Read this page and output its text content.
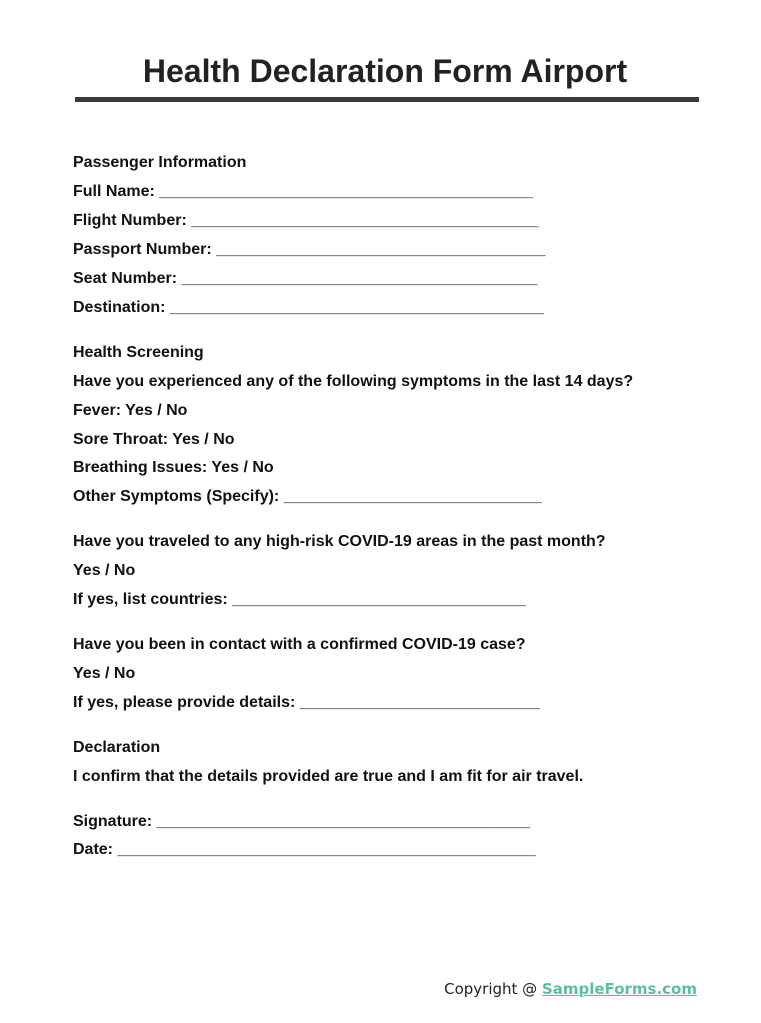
Health Declaration Form Airport
Passenger Information
Full Name: __________________________________________
Flight Number: _______________________________________
Passport Number: _____________________________________
Seat Number: ________________________________________
Destination: __________________________________________
Health Screening
Have you experienced any of the following symptoms in the last 14 days?
Fever: Yes / No
Sore Throat: Yes / No
Breathing Issues: Yes / No
Other Symptoms (Specify): _____________________________
Have you traveled to any high-risk COVID-19 areas in the past month?
Yes / No
If yes, list countries: _________________________________
Have you been in contact with a confirmed COVID-19 case?
Yes / No
If yes, please provide details: ___________________________
Declaration
I confirm that the details provided are true and I am fit for air travel.
Signature: __________________________________________
Date: _______________________________________________
Copyright @ SampleForms.com
